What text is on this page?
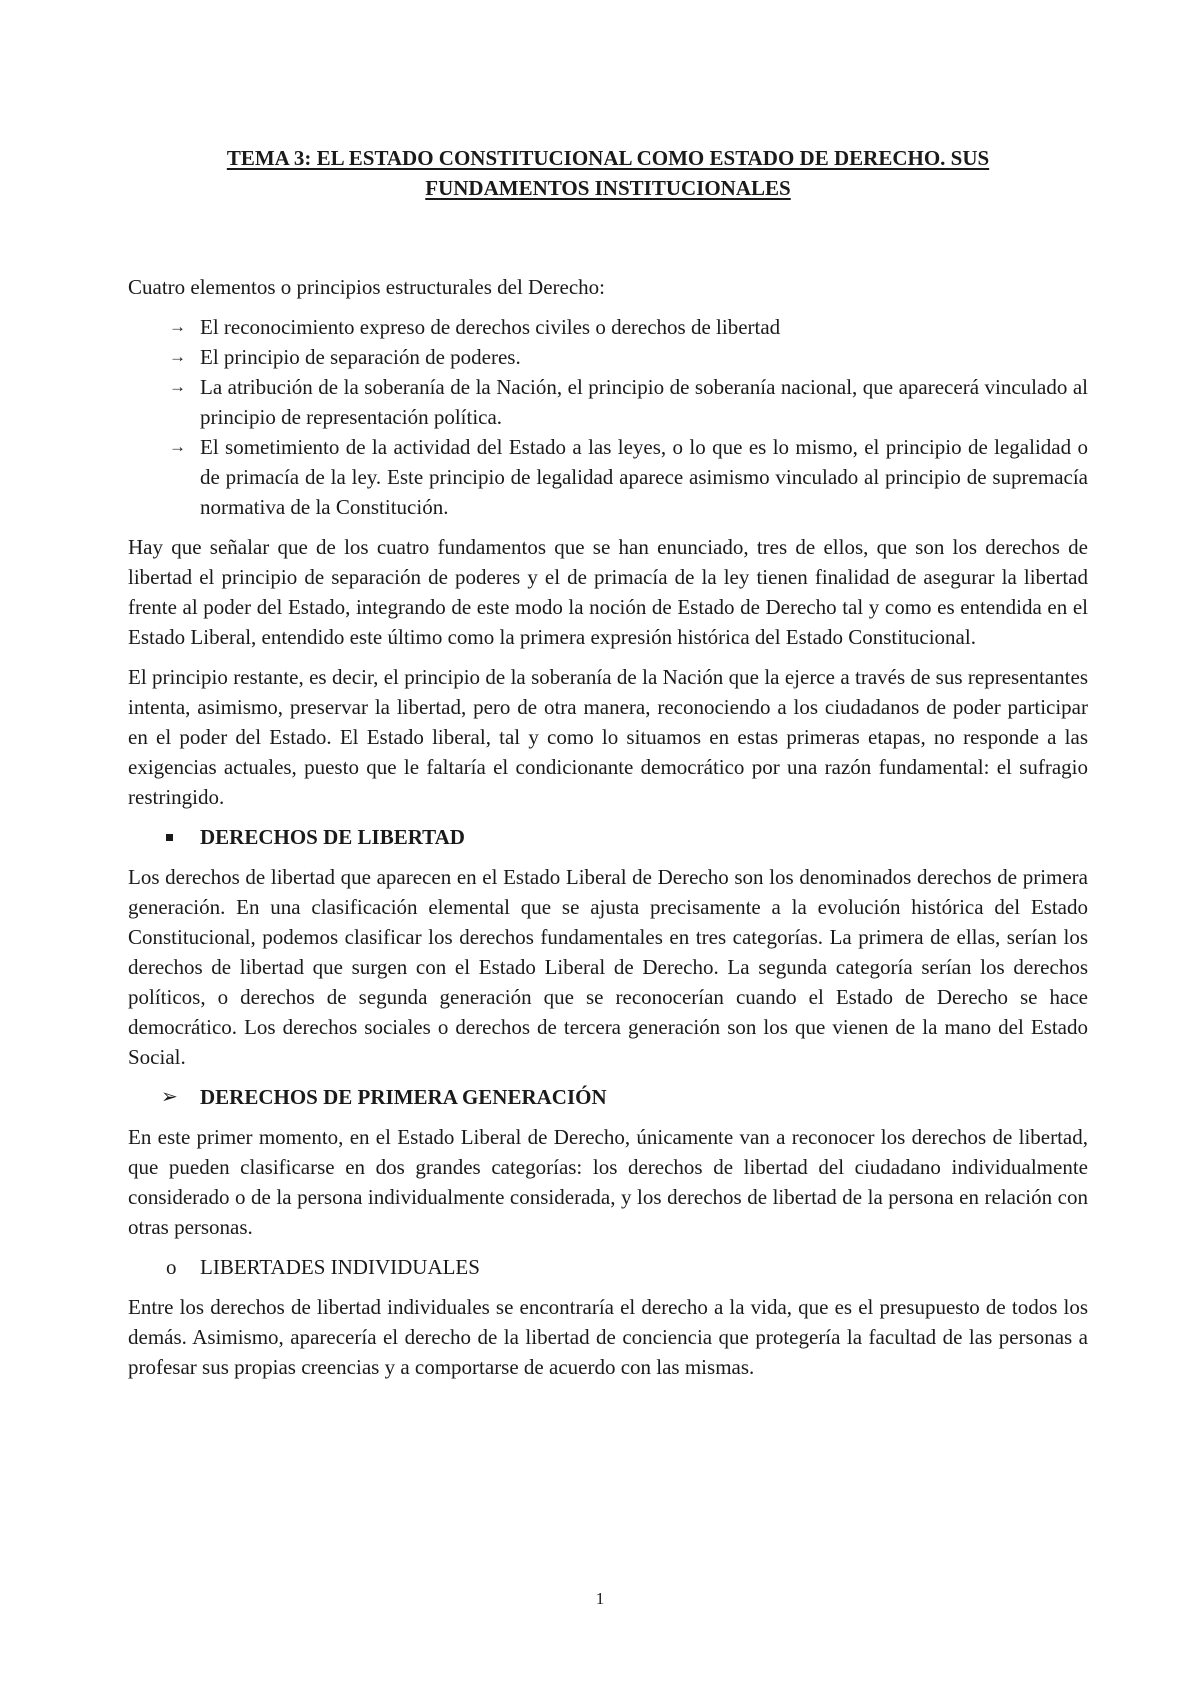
TEMA 3: EL ESTADO CONSTITUCIONAL COMO ESTADO DE DERECHO. SUS
FUNDAMENTOS INSTITUCIONALES

Cuatro elementos o principios estructurales del Derecho:

→ El reconocimiento expreso de derechos civiles o derechos de libertad
→ El principio de separación de poderes.
→ La atribución de la soberanía de la Nación, el principio de soberanía nacional, que aparecerá vinculado al principio de representación política.
→ El sometimiento de la actividad del Estado a las leyes, o lo que es lo mismo, el principio de legalidad o de primacía de la ley. Este principio de legalidad aparece asimismo vinculado al principio de supremacía normativa de la Constitución.

Hay que señalar que de los cuatro fundamentos que se han enunciado, tres de ellos, que son los derechos de libertad el principio de separación de poderes y el de primacía de la ley tienen finalidad de asegurar la libertad frente al poder del Estado, integrando de este modo la noción de Estado de Derecho tal y como es entendida en el Estado Liberal, entendido este último como la primera expresión histórica del Estado Constitucional.

El principio restante, es decir, el principio de la soberanía de la Nación que la ejerce a través de sus representantes intenta, asimismo, preservar la libertad, pero de otra manera, reconociendo a los ciudadanos de poder participar en el poder del Estado. El Estado liberal, tal y como lo situamos en estas primeras etapas, no responde a las exigencias actuales, puesto que le faltaría el condicionante democrático por una razón fundamental: el sufragio restringido.

DERECHOS DE LIBERTAD

Los derechos de libertad que aparecen en el Estado Liberal de Derecho son los denominados derechos de primera generación. En una clasificación elemental que se ajusta precisamente a la evolución histórica del Estado Constitucional, podemos clasificar los derechos fundamentales en tres categorías. La primera de ellas, serían los derechos de libertad que surgen con el Estado Liberal de Derecho. La segunda categoría serían los derechos políticos, o derechos de segunda generación que se reconocerían cuando el Estado de Derecho se hace democrático. Los derechos sociales o derechos de tercera generación son los que vienen de la mano del Estado Social.

➢ DERECHOS DE PRIMERA GENERACIÓN

En este primer momento, en el Estado Liberal de Derecho, únicamente van a reconocer los derechos de libertad, que pueden clasificarse en dos grandes categorías: los derechos de libertad del ciudadano individualmente considerado o de la persona individualmente considerada, y los derechos de libertad de la persona en relación con otras personas.

o LIBERTADES INDIVIDUALES

Entre los derechos de libertad individuales se encontraría el derecho a la vida, que es el presupuesto de todos los demás. Asimismo, aparecería el derecho de la libertad de conciencia que protegería la facultad de las personas a profesar sus propias creencias y a comportarse de acuerdo con las mismas.

1
